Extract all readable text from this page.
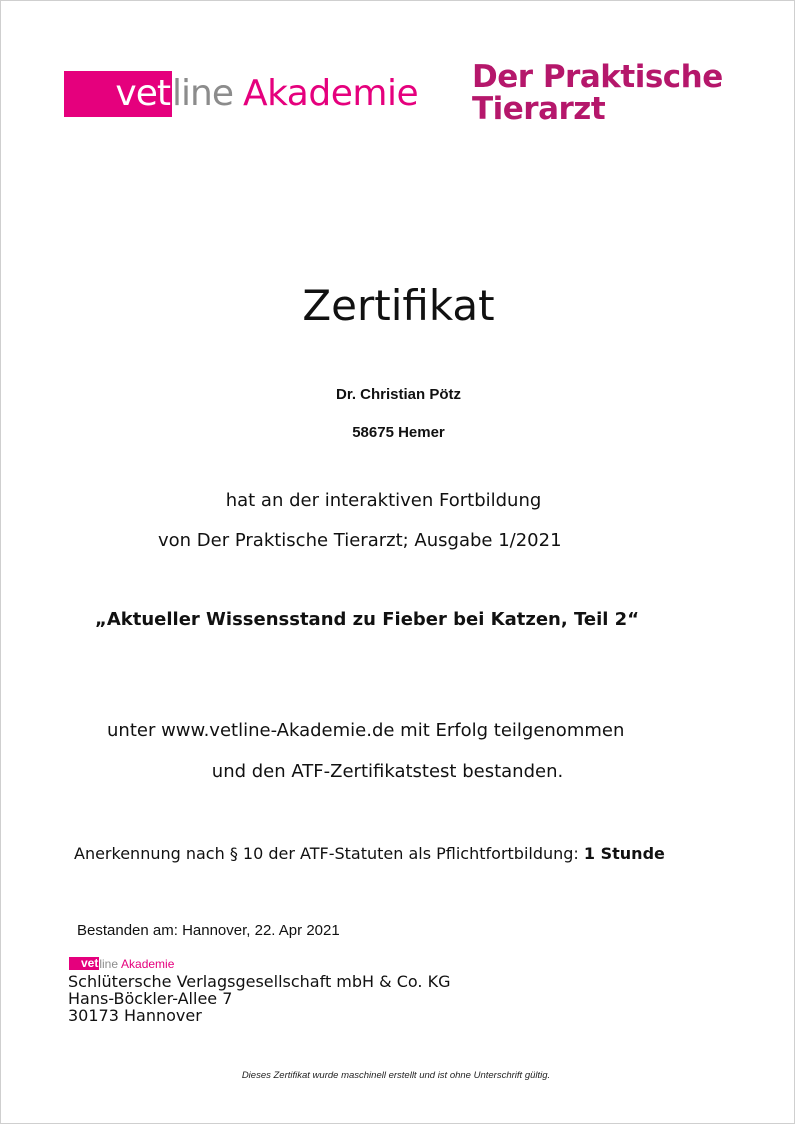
vet line Akademie Der Praktische
Tierarzt
Zertifikat
Dr. Christian Pötz
58675 Hemer
hat an der interaktiven Fortbildung
von Der Praktische Tierarzt; Ausgabe 1/2021
„Aktueller Wissensstand zu Fieber bei Katzen, Teil 2“
unter www.vetline-Akademie.de mit Erfolg teilgenommen
und den ATF-Zertifikatstest bestanden.
Anerkennung nach § 10 der ATF-Statuten als Pflichtfortbildung: 1 Stunde
Bestanden am: Hannover, 22. Apr 2021
vet line Akademie
Schlütersche Verlagsgesellschaft mbH & Co. KG
Hans-Böckler-Allee 7
30173 Hannover
Dieses Zertifikat wurde maschinell erstellt und ist ohne Unterschrift gültig.
